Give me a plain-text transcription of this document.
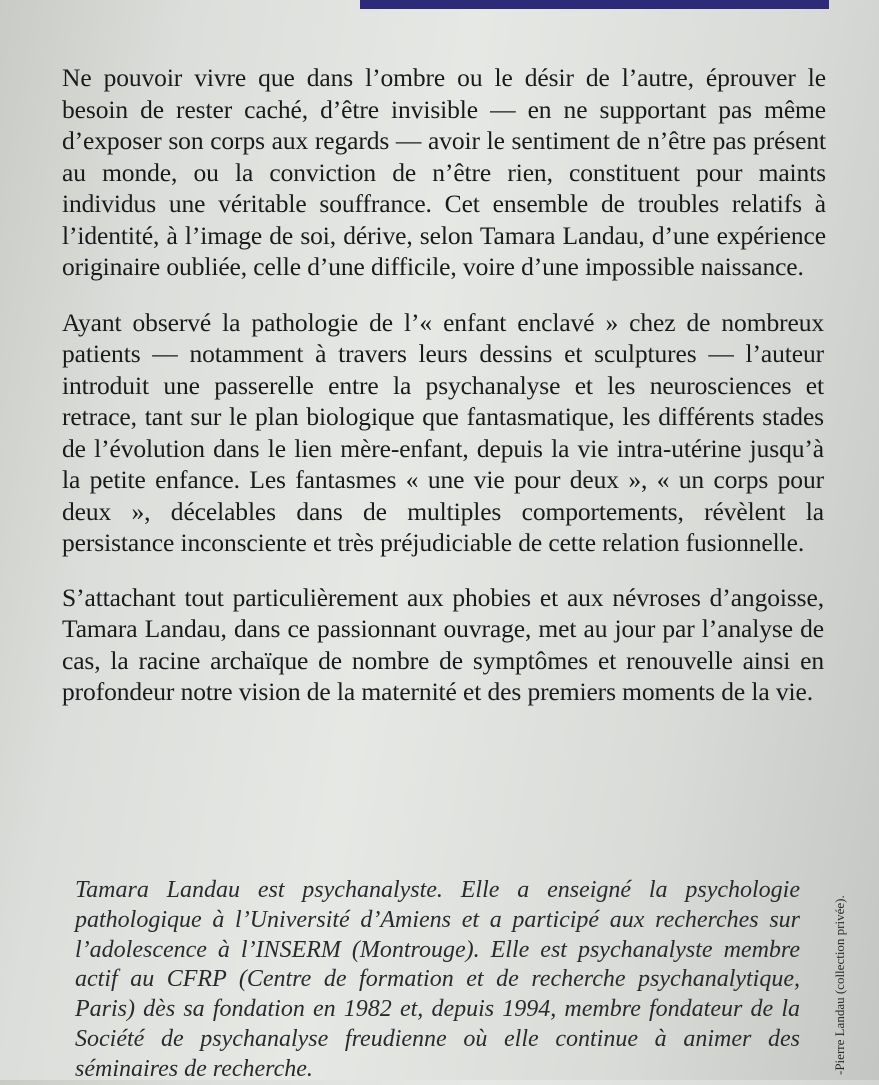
Ne pouvoir vivre que dans l’ombre ou le désir de l’autre, éprouver le besoin de rester caché, d’être invisible — en ne supportant pas même d’exposer son corps aux regards — avoir le sentiment de n’être pas présent au monde, ou la conviction de n’être rien, constituent pour maints individus une véritable souffrance. Cet ensemble de troubles relatifs à l’identité, à l’image de soi, dérive, selon Tamara Landau, d’une expérience originaire oubliée, celle d’une difficile, voire d’une impossible naissance.

Ayant observé la pathologie de l’« enfant enclavé » chez de nombreux patients — notamment à travers leurs dessins et sculptures — l’auteur introduit une passerelle entre la psychanalyse et les neurosciences et retrace, tant sur le plan biologique que fantasmatique, les différents stades de l’évolution dans le lien mère-enfant, depuis la vie intra-utérine jusqu’à la petite enfance. Les fantasmes « une vie pour deux », « un corps pour deux », décelables dans de multiples comportements, révèlent la persistance inconsciente et très préjudiciable de cette relation fusionnelle.

S’attachant tout particulièrement aux phobies et aux névroses d’angoisse, Tamara Landau, dans ce passionnant ouvrage, met au jour par l’analyse de cas, la racine archaïque de nombre de symptômes et renouvelle ainsi en profondeur notre vision de la maternité et des premiers moments de la vie.

Tamara Landau est psychanalyste. Elle a enseigné la psychologie pathologique à l’Université d’Amiens et a participé aux recherches sur l’adolescence à l’INSERM (Montrouge). Elle est psychanalyste membre actif au CFRP (Centre de formation et de recherche psychanalytique, Paris) dès sa fondation en 1982 et, depuis 1994, membre fondateur de la Société de psychanalyse freudienne où elle continue à animer des séminaires de recherche.	-Pierre Landau (collection privée).
